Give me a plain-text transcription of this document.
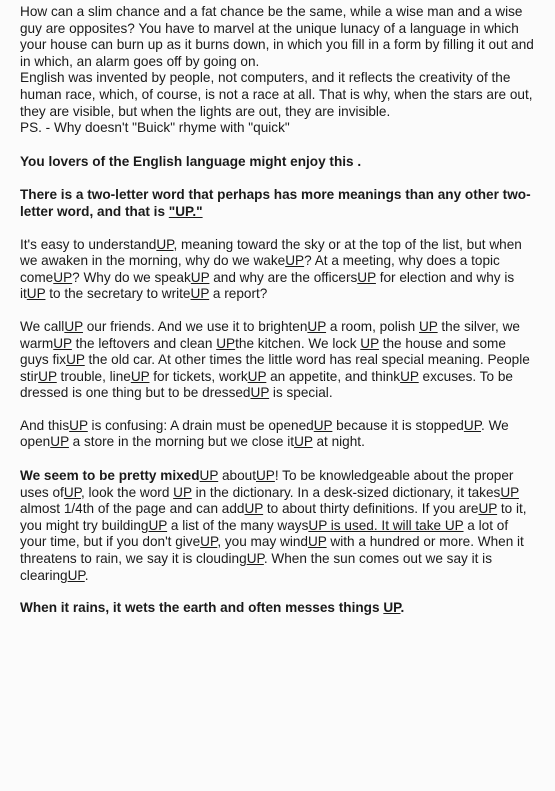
How can a slim chance and a fat chance be the same, while a wise man and a wise guy are opposites? You have to marvel at the unique lunacy of a language in which your house can burn up as it burns down, in which you fill in a form by filling it out and in which, an alarm goes off by going on.
English was invented by people, not computers, and it reflects the creativity of the human race, which, of course, is not a race at all. That is why, when the stars are out, they are visible, but when the lights are out, they are invisible.
PS. - Why doesn't "Buick" rhyme with "quick"

You lovers of the English language might enjoy this .

There is a two-letter word that perhaps has more meanings than any other two-letter word, and that is "UP."

It's easy to understandUP, meaning toward the sky or at the top of the list, but when we awaken in the morning, why do we wakeUP? At a meeting, why does a topic comeUP? Why do we speakUP and why are the officersUP for election and why is itUP to the secretary to writeUP a report?

We callUP our friends. And we use it to brightenUP a room, polish UP the silver, we warmUP the leftovers and clean UPthe kitchen. We lock UP the house and some guys fixUP the old car. At other times the little word has real special meaning. People stirUP trouble, lineUP for tickets, workUP an appetite, and thinkUP excuses. To be dressed is one thing but to be dressedUP is special.

And thisUP is confusing: A drain must be openedUP because it is stoppedUP. We openUP a store in the morning but we close itUP at night.

We seem to be pretty mixedUP aboutUP! To be knowledgeable about the proper uses ofUP, look the word UP in the dictionary. In a desk-sized dictionary, it takesUP almost 1/4th of the page and can addUP to about thirty definitions. If you areUP to it, you might try buildingUP a list of the many waysUP is used. It will take UP a lot of your time, but if you don't giveUP, you may windUP with a hundred or more. When it threatens to rain, we say it is cloudingUP. When the sun comes out we say it is clearingUP.

When it rains, it wets the earth and often messes things UP.
